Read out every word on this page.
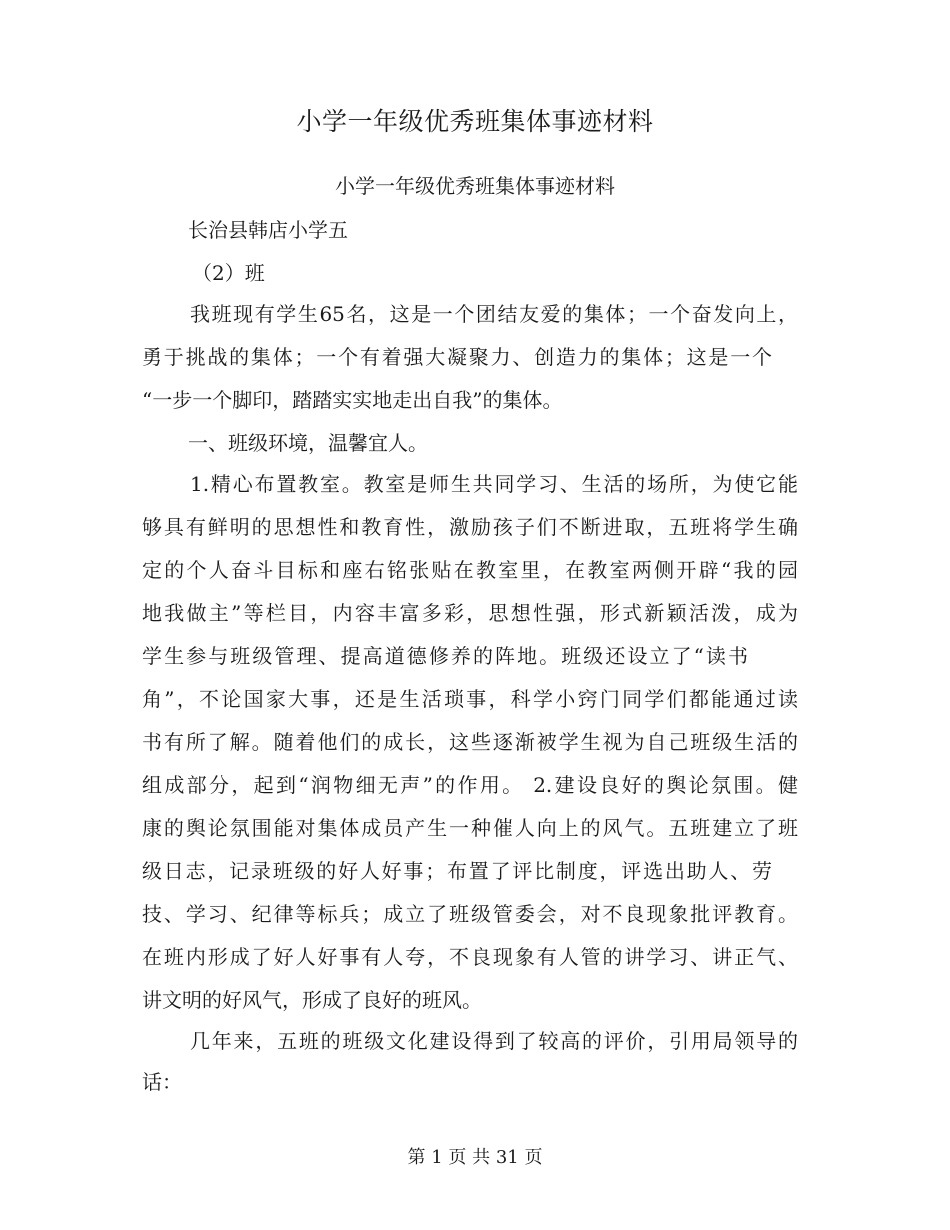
小学一年级优秀班集体事迹材料
小学一年级优秀班集体事迹材料
长治县韩店小学五
（2）班
我班现有学生65名，这是一个团结友爱的集体；一个奋发向上，
勇于挑战的集体；一个有着强大凝聚力、创造力的集体；这是一个
“一步一个脚印，踏踏实实地走出自我”的集体。
一、班级环境，温馨宜人。
1.精心布置教室。教室是师生共同学习、生活的场所，为使它能
够具有鲜明的思想性和教育性，激励孩子们不断进取，五班将学生确
定的个人奋斗目标和座右铭张贴在教室里，在教室两侧开辟“我的园
地我做主”等栏目，内容丰富多彩，思想性强，形式新颖活泼，成为
学生参与班级管理、提高道德修养的阵地。班级还设立了“读书
角”，不论国家大事，还是生活琐事，科学小窍门同学们都能通过读
书有所了解。随着他们的成长，这些逐渐被学生视为自己班级生活的
组成部分，起到“润物细无声”的作用。 2.建设良好的舆论氛围。健
康的舆论氛围能对集体成员产生一种催人向上的风气。五班建立了班
级日志，记录班级的好人好事；布置了评比制度，评选出助人、劳
技、学习、纪律等标兵；成立了班级管委会，对不良现象批评教育。
在班内形成了好人好事有人夸，不良现象有人管的讲学习、讲正气、
讲文明的好风气，形成了良好的班风。
几年来，五班的班级文化建设得到了较高的评价，引用局领导的
话：
第 1 页 共 31 页
